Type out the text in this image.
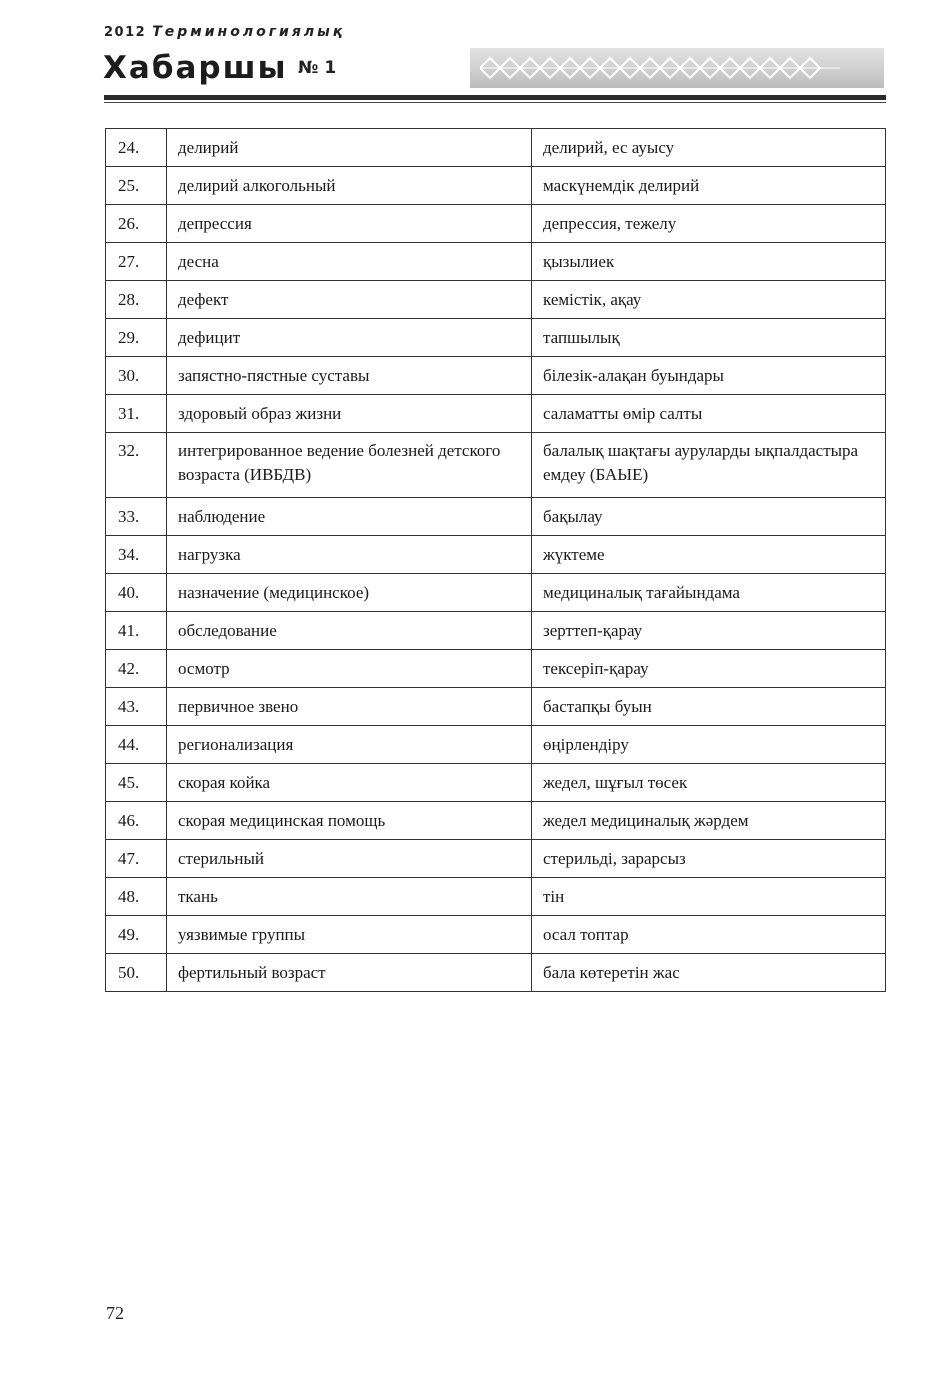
2012 Терминологиялық
Хабаршы № 1
24.	делирий	делирий, ес ауысу
25.	делирий алкогольный	маскүнемдік делирий
26.	депрессия	депрессия, тежелу
27.	десна	қызылиек
28.	дефект	кемістік, ақау
29.	дефицит	тапшылық
30.	запястно-пястные суставы	білезік-алақан буындары
31.	здоровый образ жизни	саламатты өмір салты
32.	интегрированное ведение болезней детского возраста (ИВБДВ)	балалық шақтағы ауруларды ықпалдастыра емдеу (БАЫЕ)
33.	наблюдение	бақылау
34.	нагрузка	жүктеме
40.	назначение (медицинское)	медициналық тағайындама
41.	обследование	зерттеп-қарау
42.	осмотр	тексеріп-қарау
43.	первичное звено	бастапқы буын
44.	регионализация	өңірлендіру
45.	скорая койка	жедел, шұғыл төсек
46.	скорая медицинская помощь	жедел медициналық жәрдем
47.	стерильный	стерильді, зарарсыз
48.	ткань	тін
49.	уязвимые группы	осал топтар
50.	фертильный возраст	бала көтеретін жас
72
